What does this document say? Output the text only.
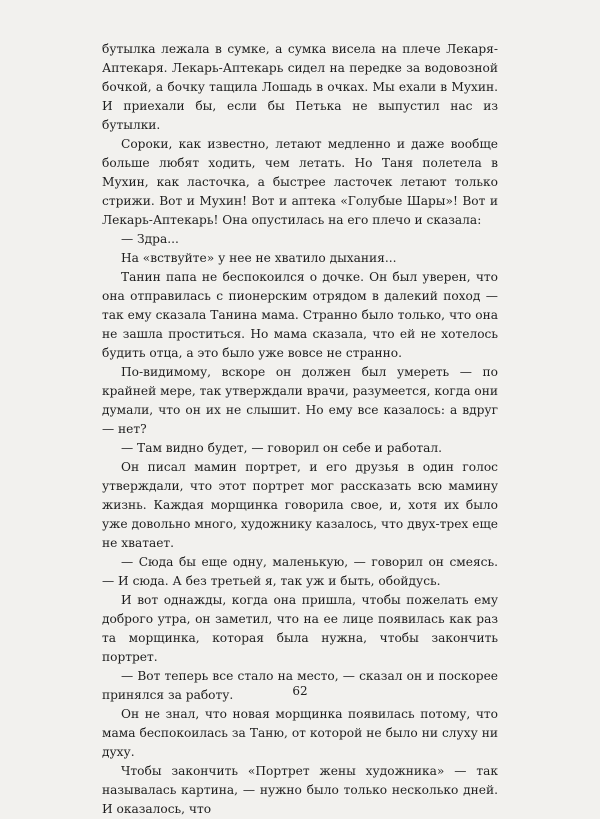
бутылка лежала в сумке, а сумка висела на плече Лекаря-Аптекаря. Лекарь-Аптекарь сидел на передке за водовозной бочкой, а бочку тащила Лошадь в очках. Мы ехали в Мухин. И приехали бы, если бы Петька не выпустил нас из бутылки.

Сороки, как известно, летают медленно и даже вообще больше любят ходить, чем летать. Но Таня полетела в Мухин, как ласточка, а быстрее ласточек летают только стрижи. Вот и Мухин! Вот и аптека «Голубые Шары»! Вот и Лекарь-Аптекарь! Она опустилась на его плечо и сказала:

— Здра...

На «вствуйте» у нее не хватило дыхания...

Танин папа не беспокоился о дочке. Он был уверен, что она отправилась с пионерским отрядом в далекий поход — так ему сказала Танина мама. Странно было только, что она не зашла проститься. Но мама сказала, что ей не хотелось будить отца, а это было уже вовсе не странно.

По-видимому, вскоре он должен был умереть — по крайней мере, так утверждали врачи, разумеется, когда они думали, что он их не слышит. Но ему все казалось: а вдруг — нет?

— Там видно будет, — говорил он себе и работал.

Он писал мамин портрет, и его друзья в один голос утверждали, что этот портрет мог рассказать всю мамину жизнь. Каждая морщинка говорила свое, и, хотя их было уже довольно много, художнику казалось, что двух-трех еще не хватает.

— Сюда бы еще одну, маленькую, — говорил он смеясь. — И сюда. А без третьей я, так уж и быть, обойдусь.

И вот однажды, когда она пришла, чтобы пожелать ему доброго утра, он заметил, что на ее лице появилась как раз та морщинка, которая была нужна, чтобы закончить портрет.

— Вот теперь все стало на место, — сказал он и поскорее принялся за работу.

Он не знал, что новая морщинка появилась потому, что мама беспокоилась за Таню, от которой не было ни слуху ни духу.

Чтобы закончить «Портрет жены художника» — так называлась картина, — нужно было только несколько дней. И оказалось, что

62
